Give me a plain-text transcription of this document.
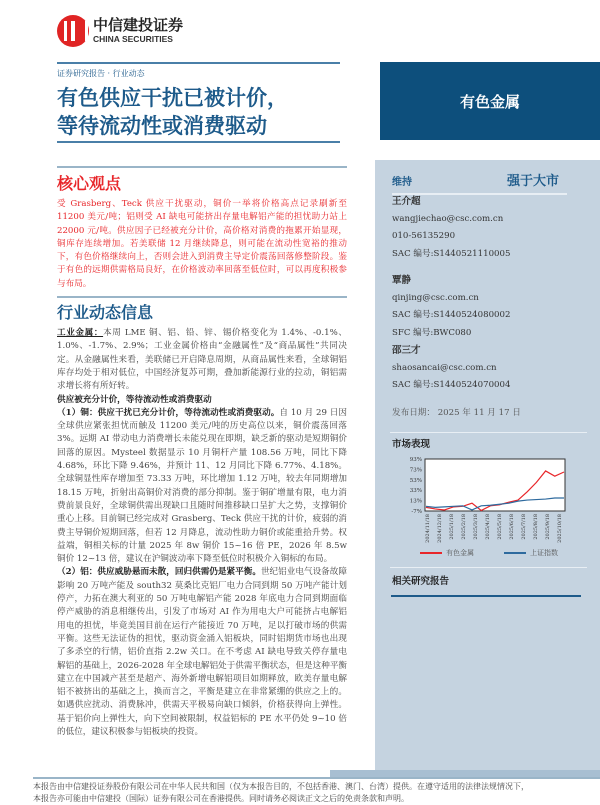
中信建投证券
CHINA SECURITIES
证券研究报告 · 行业动态
有色供应干扰已被计价，
等待流动性或消费驱动
有色金属
核心观点
受 Grasberg、Teck 供应干扰驱动，铜价一举将价格高点记录刷新至 11200 美元/吨；铝则受 AI 缺电可能挤出存量电解铝产能的担忧助力站上 22000 元/吨。供应因子已经被充分计价，高价格对消费的拖累开始显现，铜库存连续增加。若美联储 12 月继续降息，则可能在流动性宽裕的推动下，有色价格继续向上，否则会进入到消费主导定价震荡回落修整阶段。鉴于有色的远期供需格局良好，在价格波动率回落至低位时，可以再度积极参与布局。
行业动态信息

工业金属：本周 LME 铜、铝、铅、锌、锡价格变化为 1.4%、-0.1%、1.0%、-1.7%、2.9%；工业金属价格由“金融属性”及“商品属性”共同决定。从金融属性来看，美联储已开启降息周期，从商品属性来看，全球铜铝库存均处于相对低位，中国经济复苏可期，叠加新能源行业的拉动，铜铝需求增长将有所好转。

供应被充分计价，等待流动性或消费驱动

（1）铜：供应干扰已充分计价，等待流动性或消费驱动。自 10 月 29 日因全球供应紧张担忧而触及 11200 美元/吨的历史高位以来，铜价震荡回落 3%。远期 AI 带动电力消费增长未能兑现在即期，缺乏新的驱动是短期铜价回落的原因。Mysteel 数据显示 10 月铜杆产量 108.56 万吨，同比下降 4.68%，环比下降 9.46%，并预计 11、12 月同比下降 6.77%、4.18%。全球铜显性库存增加至 73.33 万吨，环比增加 1.12 万吨，较去年同期增加 18.15 万吨，折射出高铜价对消费的部分抑制。鉴于铜矿增量有限，电力消费前景良好，全球铜供需出现缺口且随时间推移缺口呈扩大之势，支撑铜价重心上移。目前铜已经完成对 Grasberg、Teck 供应干扰的计价，疲弱的消费主导铜价短期回落，但若 12 月降息，流动性助力铜价或能重拾升势。权益端，铜相关标的计量 2025 年 8w 铜价 15~16 倍 PE，2026 年 8.5w 铜价 12~13 倍，建议在沪铜波动率下降至低位时积极介入铜标的布局。

（2）铝：供应威胁悬而未散，回归供需仍是紧平衡。世纪铝业电气设备故障影响 20 万吨产能及 south32 莫桑比克铝厂电力合同到期 50 万吨产能计划停产，力拓在澳大利亚的 50 万吨电解铝产能 2028 年底电力合同到期面临停产威胁的消息相继传出，引发了市场对 AI 作为用电大户可能挤占电解铝用电的担忧，毕竟美国目前在运行产能接近 70 万吨，足以打破市场的供需平衡。这些无法证伪的担忧，驱动资金涌入铝板块，同时铝期货市场也出现了多杀空的行情，铝价直指 2.2w 关口。在不考虑 AI 缺电导致关停存量电解铝的基础上，2026-2028 年全球电解铝处于供需平衡状态，但是这种平衡建立在中国减产甚至是超产、海外新增电解铝项目如期释放，欧美存量电解铝不被挤出的基础之上，换而言之，平衡是建立在非常紧绷的供应之上的。如遇供应扰动、消费脉冲，供需天平极易向缺口倾斜，价格获得向上弹性。基于铝价向上弹性大，向下空间被限制，权益铝标的 PE 水平仍处 9~10 倍的低位，建议积极参与铝板块的投资。

维持	强于大市
王介超
wangjiechao@csc.com.cn
010-56135290
SAC 编号:S1440521110005
覃静
qinjing@csc.com.cn
SAC 编号:S1440524080002
SFC 编号:BWC080
邵三才
shaosancai@csc.com.cn
SAC 编号:S1440524070004
发布日期： 2025 年 11 月 17 日
市场表现
-7%
13%
33%
53%
73%
93%
2024/11/18 2024/12/18 2025/1/18 2025/2/18 2025/3/18 2025/4/18 2025/5/18 2025/6/18 2025/7/18 2025/8/18 2025/9/18 2025/10/18
有色金属	上证指数
相关研究报告
本报告由中信建投证券股份有限公司在中华人民共和国（仅为本报告目的，不包括香港、澳门、台湾）提供。在遵守适用的法律法规情况下，
本报告亦可能由中信建投（国际）证券有限公司在香港提供。同时请务必阅读正文之后的免责条款和声明。
